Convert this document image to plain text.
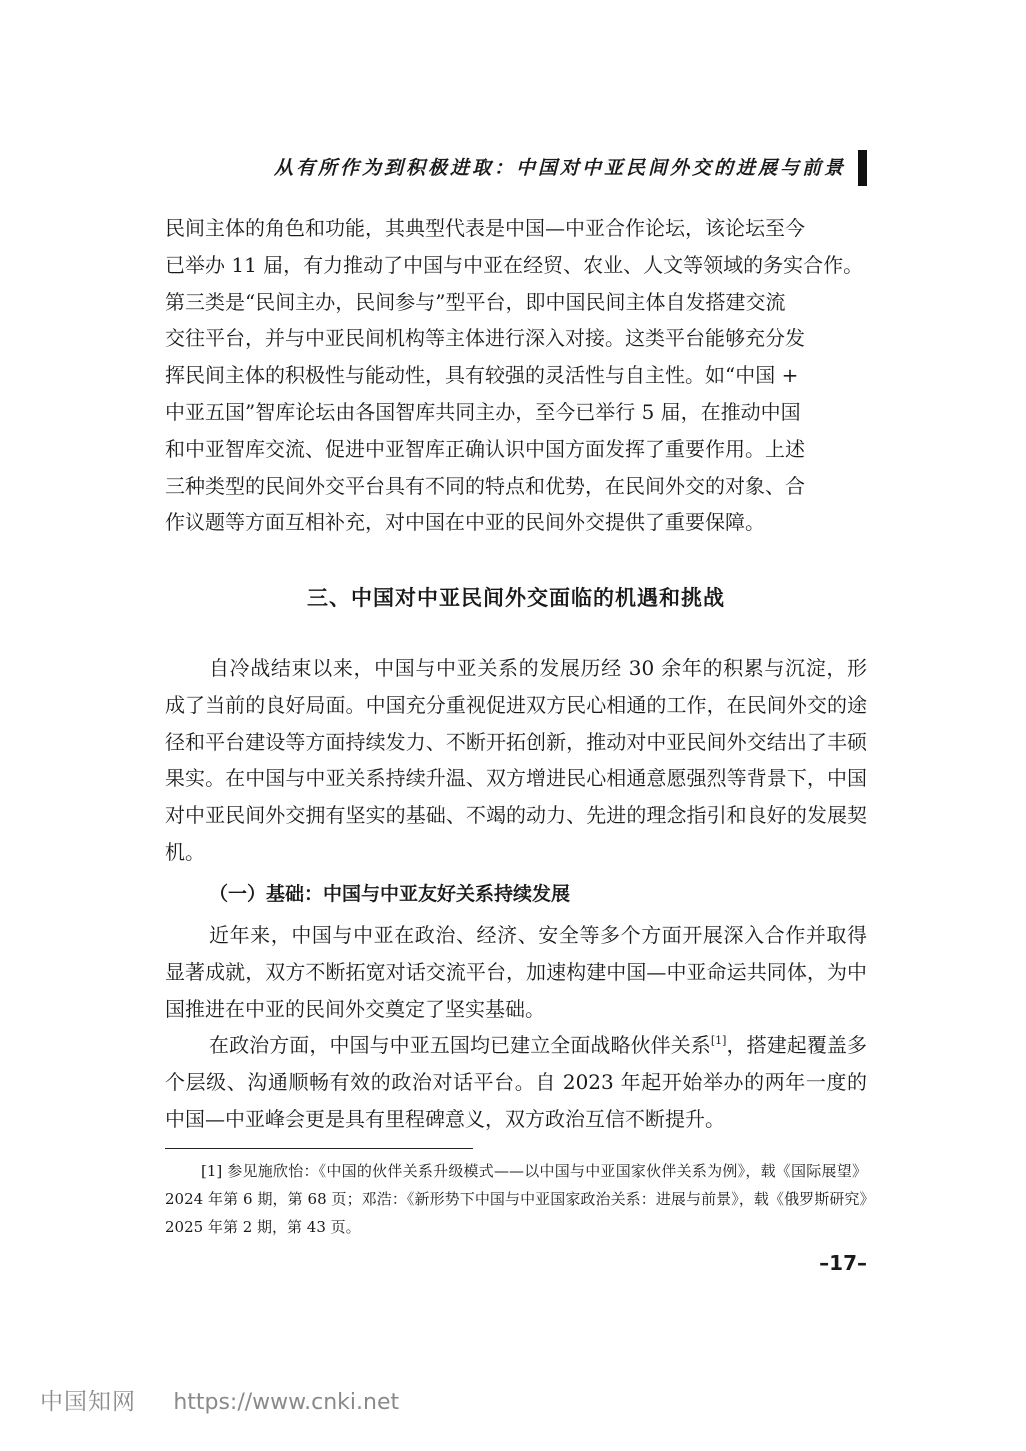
从有所作为到积极进取：中国对中亚民间外交的进展与前景

民间主体的角色和功能，其典型代表是中国—中亚合作论坛，该论坛至今

已举办 11 届，有力推动了中国与中亚在经贸、农业、人文等领域的务实合作。

第三类是“民间主办，民间参与”型平台，即中国民间主体自发搭建交流

交往平台，并与中亚民间机构等主体进行深入对接。这类平台能够充分发

挥民间主体的积极性与能动性，具有较强的灵活性与自主性。如“中国 +

中亚五国”智库论坛由各国智库共同主办，至今已举行 5 届，在推动中国

和中亚智库交流、促进中亚智库正确认识中国方面发挥了重要作用。上述

三种类型的民间外交平台具有不同的特点和优势，在民间外交的对象、合

作议题等方面互相补充，对中国在中亚的民间外交提供了重要保障。

三、中国对中亚民间外交面临的机遇和挑战

自冷战结束以来，中国与中亚关系的发展历经 30 余年的积累与沉淀，形成了当前的良好局面。中国充分重视促进双方民心相通的工作，在民间外交的途径和平台建设等方面持续发力、不断开拓创新，推动对中亚民间外交结出了丰硕果实。在中国与中亚关系持续升温、双方增进民心相通意愿强烈等背景下，中国对中亚民间外交拥有坚实的基础、不竭的动力、先进的理念指引和良好的发展契机。

（一）基础：中国与中亚友好关系持续发展

近年来，中国与中亚在政治、经济、安全等多个方面开展深入合作并取得显著成就，双方不断拓宽对话交流平台，加速构建中国—中亚命运共同体，为中国推进在中亚的民间外交奠定了坚实基础。

在政治方面，中国与中亚五国均已建立全面战略伙伴关系[1]，搭建起覆盖多个层级、沟通顺畅有效的政治对话平台。自 2023 年起开始举办的两年一度的中国—中亚峰会更是具有里程碑意义，双方政治互信不断提升。

[1] 参见施欣怡：《中国的伙伴关系升级模式——以中国与中亚国家伙伴关系为例》，载《国际展望》2024 年第 6 期，第 68 页；邓浩：《新形势下中国与中亚国家政治关系：进展与前景》，载《俄罗斯研究》2025 年第 2 期，第 43 页。
–17–
中国知网 https://www.cnki.net
